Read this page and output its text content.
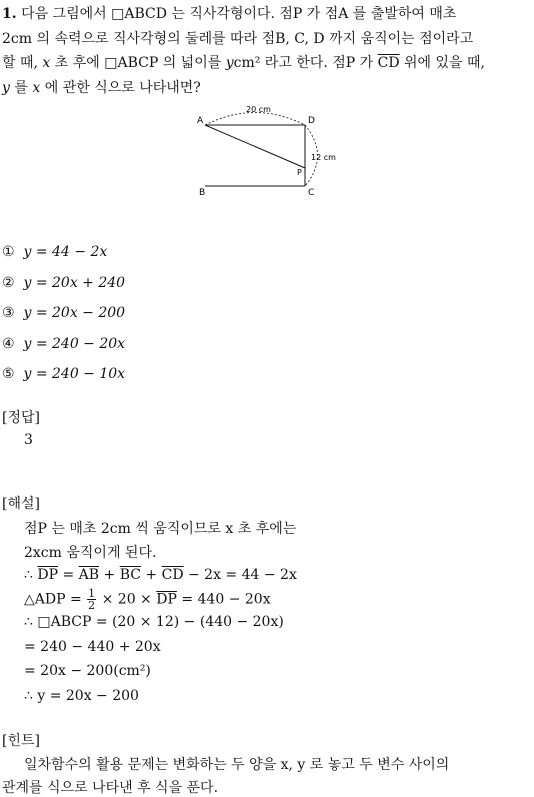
1. 다음 그림에서 □ABCD 는 직사각형이다. 점P 가 점A 를 출발하여 매초
2cm 의 속력으로 직사각형의 둘레를 따라 점B, C, D 까지 움직이는 점이라고
할 때, x 초 후에 □ABCP 의 넓이를 ycm² 라고 한다. 점P 가 $\overline{CD}$ 위에 있을 때,
y 를 x 에 관한 식으로 나타내면?
A	D
B	C
P
20 cm
12 cm
① y = 44 − 2x
② y = 20x + 240
③ y = 20x − 200
④ y = 240 − 20x
⑤ y = 240 − 10x
[정답]
3
[해설]
점P 는 매초 2cm 씩 움직이므로 x 초 후에는
2xcm 움직이게 된다.
∴ $\overline{DP} = \overline{AB} + \overline{BC} + \overline{CD} - 2x = 44 - 2x$
△ADP = $\frac{1}{2} \times 20 \times \overline{DP} = 440 - 20x$
∴ □ABCP = (20 × 12) − (440 − 20x)
= 240 − 440 + 20x
= 20x − 200(cm²)
∴ y = 20x − 200
[힌트]
일차함수의 활용 문제는 변화하는 두 양을 x, y 로 놓고 두 변수 사이의
관계를 식으로 나타낸 후 식을 푼다.
